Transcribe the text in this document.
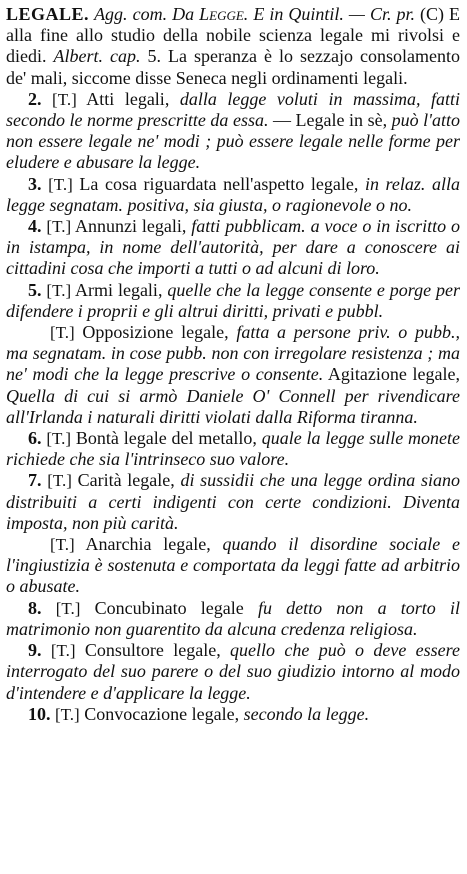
LEGALE. Agg. com. Da Legge. E in Quintil. — Cr. pr. (C) E alla fine allo studio della nobile scienza legale mi rivolsi e diedi. Albert. cap. 5. La speranza è lo sezzajo consolamento de' mali, siccome disse Seneca negli ordinamenti legali.

2. [T.] Atti legali, dalla legge voluti in massima, fatti secondo le norme prescritte da essa. — Legale in sè, può l'atto non essere legale ne' modi ; può essere legale nelle forme per eludere e abusare la legge.

3. [T.] La cosa riguardata nell'aspetto legale, in relaz. alla legge segnatam. positiva, sia giusta, o ragionevole o no.

4. [T.] Annunzi legali, fatti pubblicam. a voce o in iscritto o in istampa, in nome dell'autorità, per dare a conoscere ai cittadini cosa che importi a tutti o ad alcuni di loro.

5. [T.] Armi legali, quelle che la legge consente e porge per difendere i proprii e gli altrui diritti, privati e pubbl.

[T.] Opposizione legale, fatta a persone priv. o pubb., ma segnatam. in cose pubb. non con irregolare resistenza ; ma ne' modi che la legge prescrive o consente. Agitazione legale, Quella di cui si armò Daniele O' Connell per rivendicare all'Irlanda i naturali diritti violati dalla Riforma tiranna.

6. [T.] Bontà legale del metallo, quale la legge sulle monete richiede che sia l'intrinseco suo valore.

7. [T.] Carità legale, di sussidii che una legge ordina siano distribuiti a certi indigenti con certe condizioni. Diventa imposta, non più carità.

[T.] Anarchia legale, quando il disordine sociale e l'ingiustizia è sostenuta e comportata da leggi fatte ad arbitrio o abusate.

8. [T.] Concubinato legale fu detto non a torto il matrimonio non guarentito da alcuna credenza religiosa.

9. [T.] Consultore legale, quello che può o deve essere interrogato del suo parere o del suo giudizio intorno al modo d'intendere e d'applicare la legge.

10. [T.] Convocazione legale, secondo la legge.
